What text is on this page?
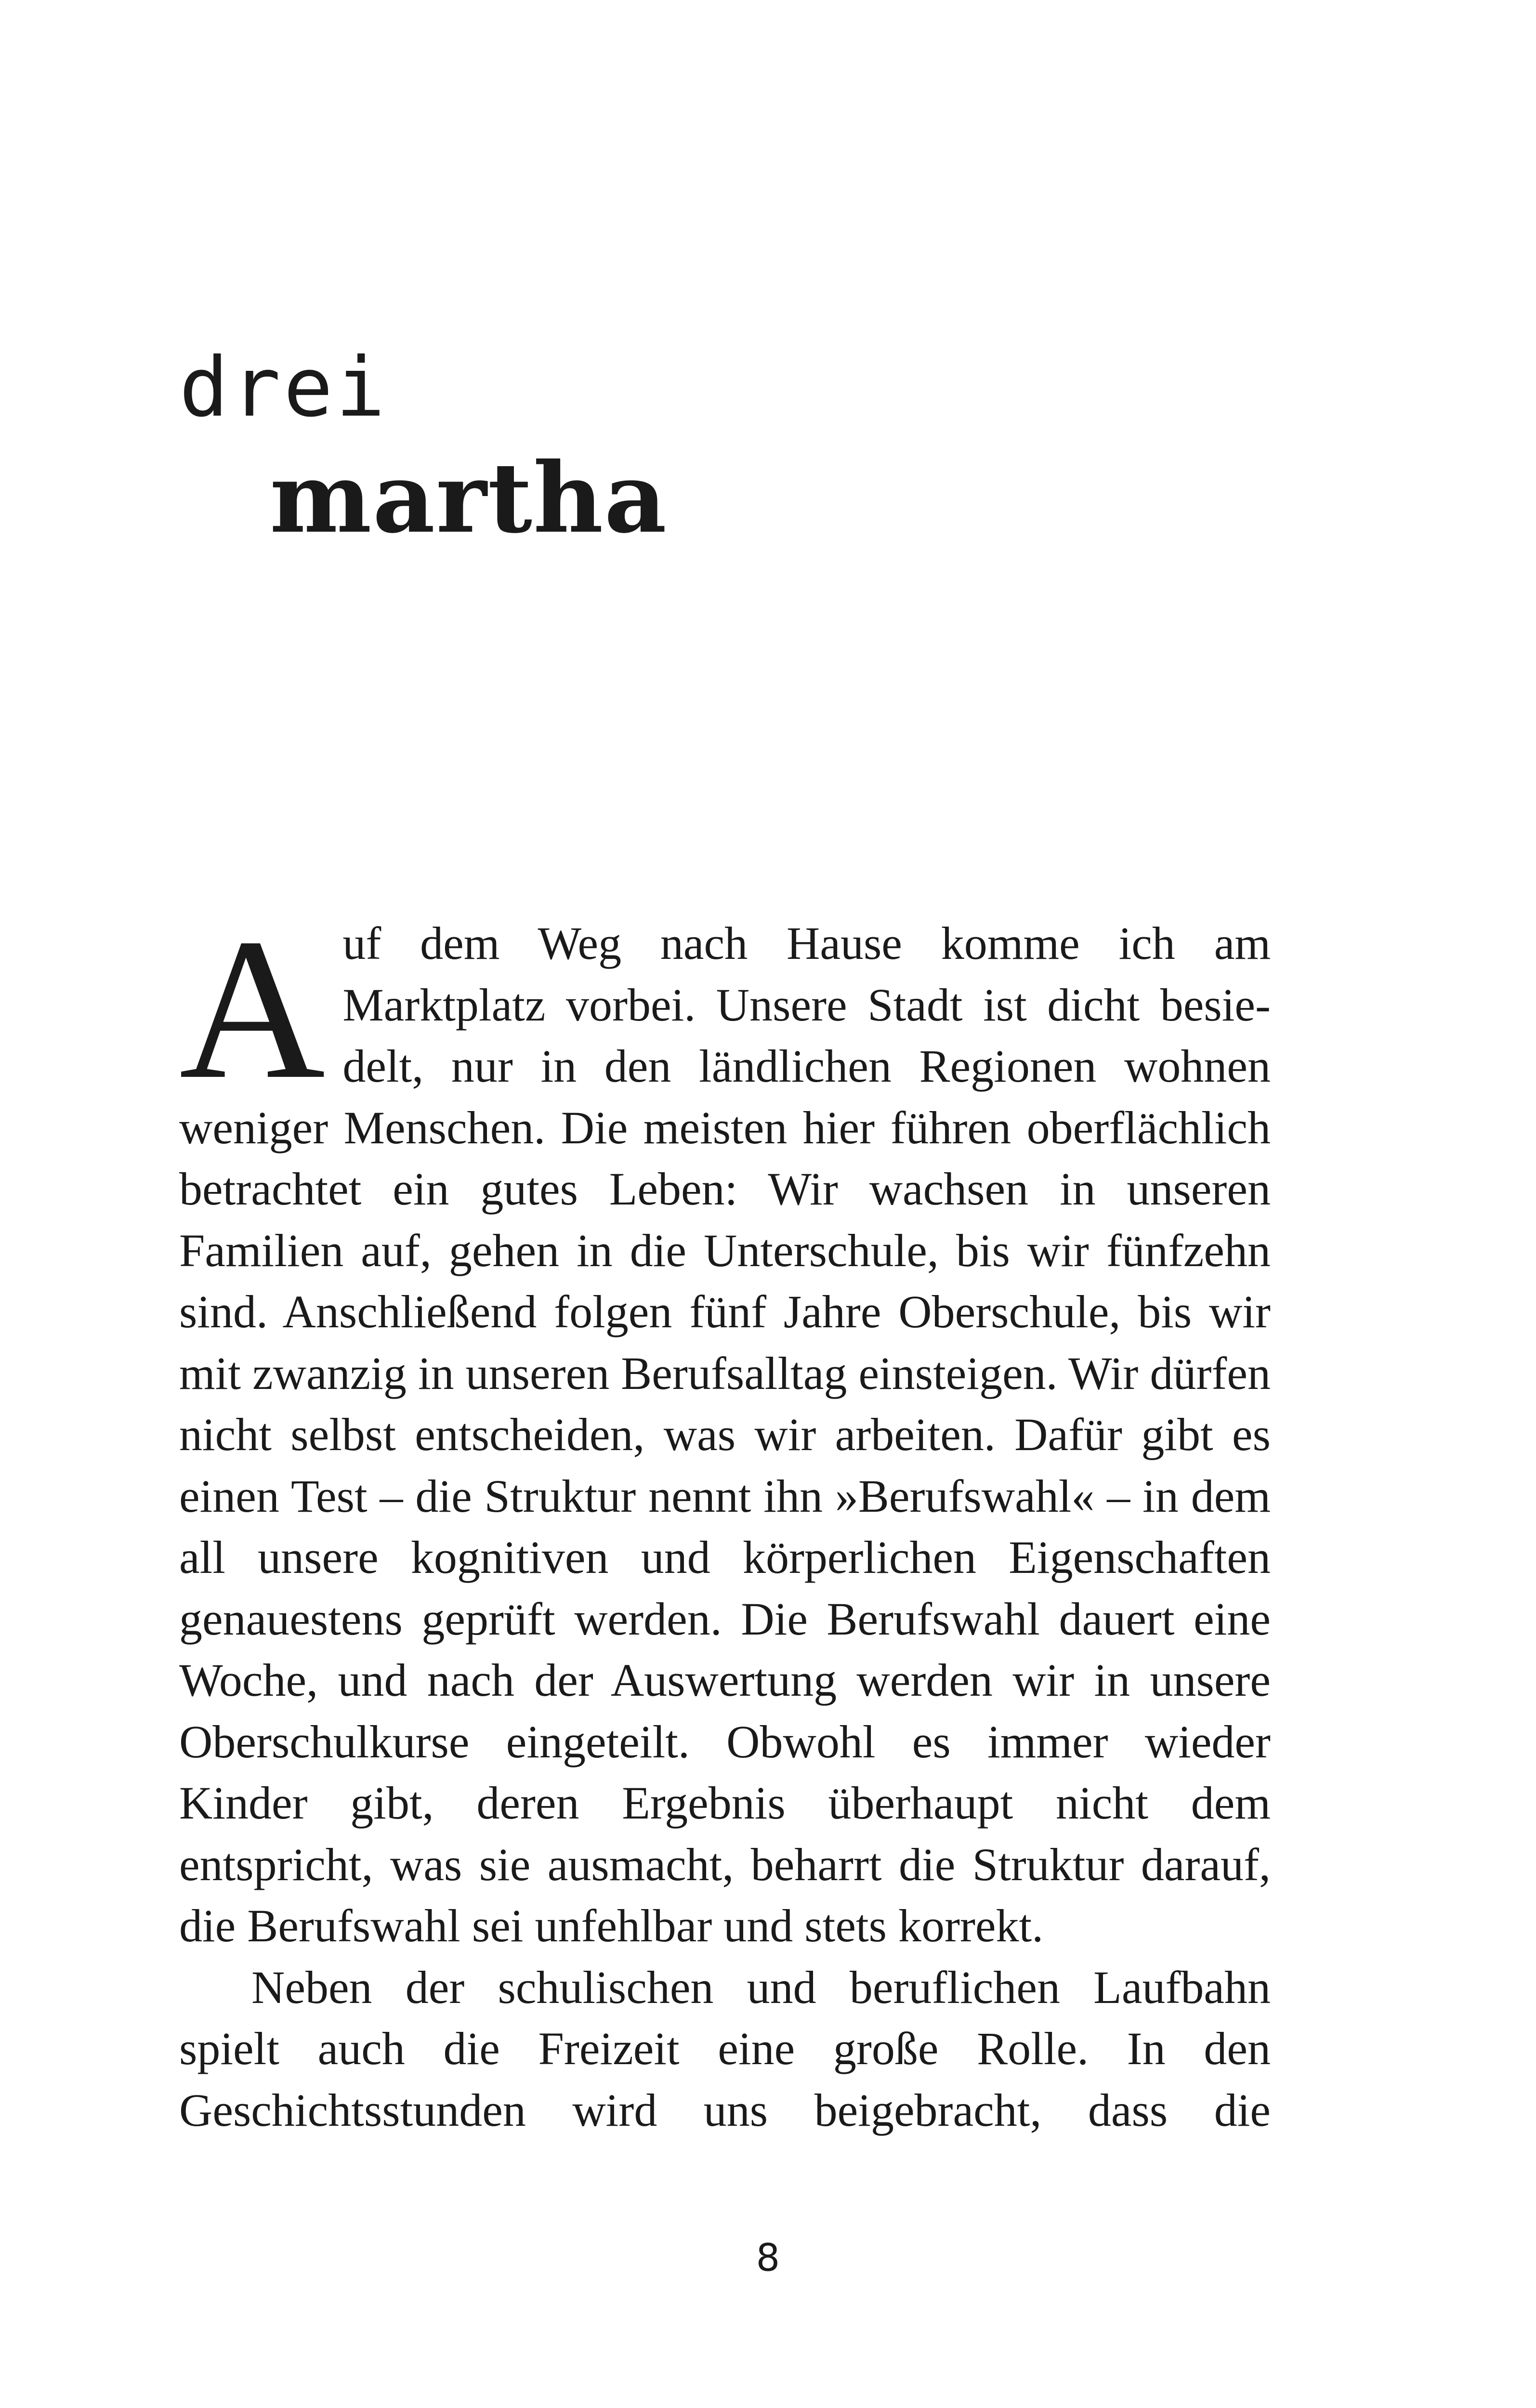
drei
martha

Auf dem Weg nach Hause komme ich am Marktplatz vorbei. Unsere Stadt ist dicht besiedelt, nur in den ländlichen Regionen wohnen weniger Menschen. Die meisten hier führen oberflächlich betrachtet ein gutes Leben: Wir wachsen in unseren Familien auf, gehen in die Unterschule, bis wir fünfzehn sind. Anschließend folgen fünf Jahre Oberschule, bis wir mit zwanzig in unseren Berufsalltag einsteigen. Wir dürfen nicht selbst entscheiden, was wir arbeiten. Dafür gibt es einen Test – die Struktur nennt ihn »Berufswahl« – in dem all unsere kognitiven und körperlichen Eigenschaften genauestens geprüft werden. Die Berufswahl dauert eine Woche, und nach der Auswertung werden wir in unsere Oberschulkurse eingeteilt. Obwohl es immer wieder Kinder gibt, deren Ergebnis überhaupt nicht dem entspricht, was sie ausmacht, beharrt die Struktur darauf, die Berufswahl sei unfehlbar und stets korrekt.

Neben der schulischen und beruflichen Laufbahn spielt auch die Freizeit eine große Rolle. In den Geschichtsstunden wird uns beigebracht, dass die

8
